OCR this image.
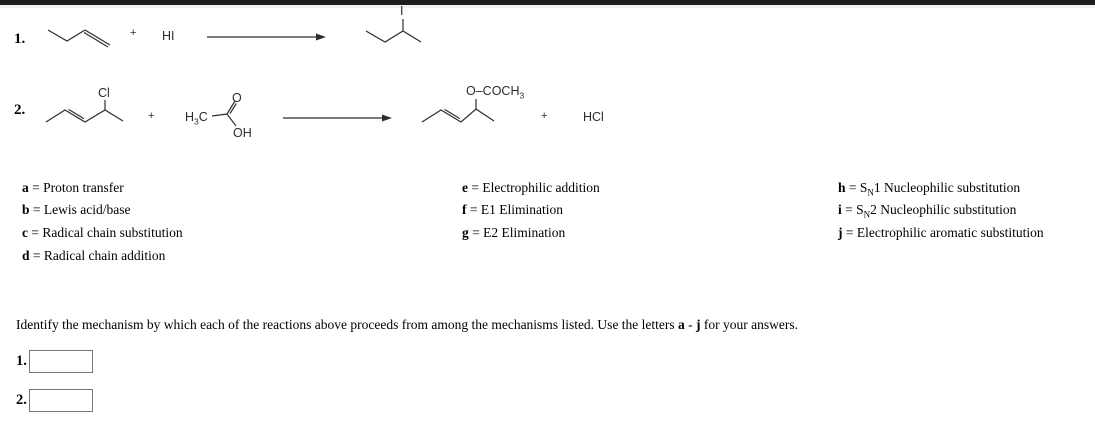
1.	+ HI
I
2.
Cl
+ $H_3C$
O
OH
$O-COCH_3$
+	HCl
a = Proton transfer
b = Lewis acid/base
c = Radical chain substitution
d = Radical chain addition
e = Electrophilic addition
f = E1 Elimination
g = E2 Elimination
$h = S_N1$ Nucleophilic substitution
$i = S_N2$ Nucleophilic substitution
j = Electrophilic aromatic substitution
Identify the mechanism by which each of the reactions above proceeds from among the mechanisms listed. Use the letters a - j for your answers.
1.
2.
